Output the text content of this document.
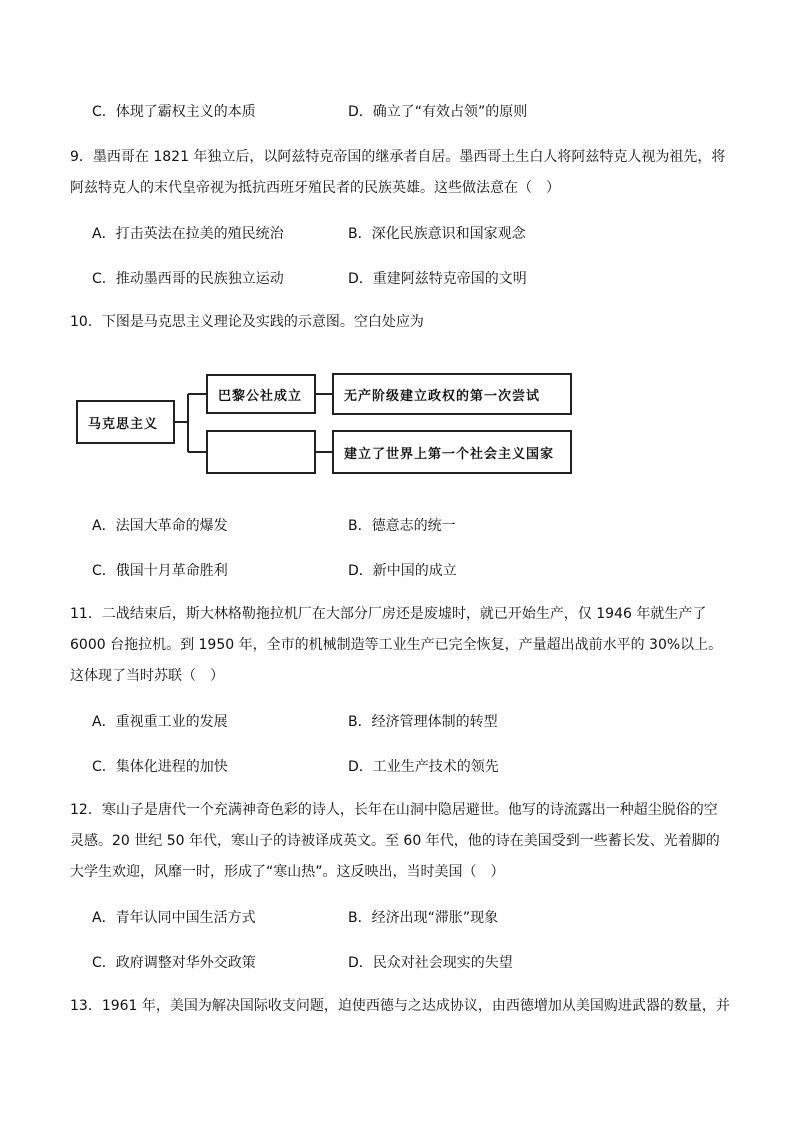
C．体现了霸权主义的本质	D．确立了“有效占领”的原则
9．墨西哥在 1821 年独立后，以阿兹特克帝国的继承者自居。墨西哥土生白人将阿兹特克人视为祖先，将阿兹特克人的末代皇帝视为抵抗西班牙殖民者的民族英雄。这些做法意在（　）
A．打击英法在拉美的殖民统治	B．深化民族意识和国家观念
C．推动墨西哥的民族独立运动	D．重建阿兹特克帝国的文明
10．下图是马克思主义理论及实践的示意图。空白处应为
马克思主义
巴黎公社成立	无产阶级建立政权的第一次尝试
建立了世界上第一个社会主义国家
A．法国大革命的爆发	B．德意志的统一
C．俄国十月革命胜利	D．新中国的成立
11．二战结束后，斯大林格勒拖拉机厂在大部分厂房还是废墟时，就已开始生产，仅 1946 年就生产了 6000 台拖拉机。到 1950 年，全市的机械制造等工业生产已完全恢复，产量超出战前水平的 30%以上。这体现了当时苏联（　）
A．重视重工业的发展	B．经济管理体制的转型
C．集体化进程的加快	D．工业生产技术的领先
12．寒山子是唐代一个充满神奇色彩的诗人，长年在山洞中隐居避世。他写的诗流露出一种超尘脱俗的空灵感。20 世纪 50 年代，寒山子的诗被译成英文。至 60 年代，他的诗在美国受到一些蓄长发、光着脚的大学生欢迎，风靡一时，形成了“寒山热”。这反映出，当时美国（　）
A．青年认同中国生活方式	B．经济出现“滞胀”现象
C．政府调整对华外交政策	D．民众对社会现实的失望
13．1961 年，美国为解决国际收支问题，迫使西德与之达成协议，由西德增加从美国购进武器的数量，并
